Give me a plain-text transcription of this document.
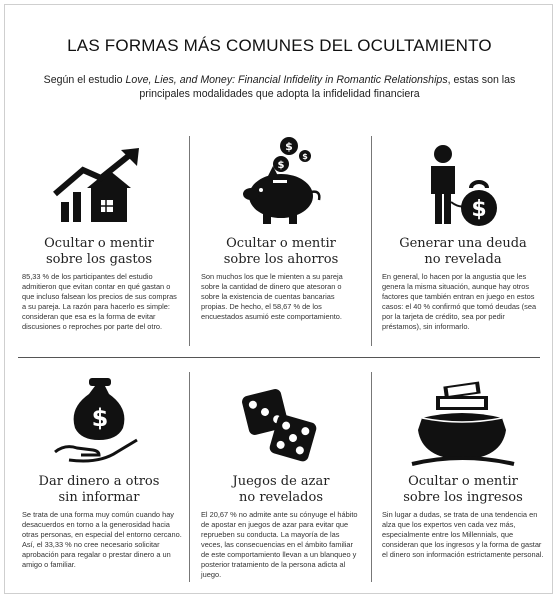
LAS FORMAS MÁS COMUNES DEL OCULTAMIENTO
Según el estudio Love, Lies, and Money: Financial Infidelity in Romantic Relationships, estas son las principales modalidades que adopta la infidelidad financiera
Ocultar o mentir
sobre los gastos
85,33 % de los participantes del estudio admitieron que evitan contar en qué gastan o que incluso falsean los precios de sus compras a su pareja. La razón para hacerlo es simple: consideran que esa es la forma de evitar discusiones o reproches por parte del otro.
$
$
$
Ocultar o mentir
sobre los ahorros
Son muchos los que le mienten a su pareja sobre la cantidad de dinero que atesoran o sobre la existencia de cuentas bancarias propias. De hecho, el 58,67 % de los encuestados asumió este comportamiento.
$
Generar una deuda
no revelada
En general, lo hacen por la angustia que les genera la misma situación, aunque hay otros factores que también entran en juego en estos casos: el 40 % confirmó que tomó deudas (sea por la tarjeta de crédito, sea por pedir préstamos), sin informarlo.
$
Dar dinero a otros
sin informar
Se trata de una forma muy común cuando hay desacuerdos en torno a la generosidad hacia otras personas, en especial del entorno cercano. Así, el 33,33 % no cree necesario solicitar aprobación para regalar o prestar dinero a un amigo o familiar.
Juegos de azar
no revelados
El 20,67 % no admite ante su cónyuge el hábito de apostar en juegos de azar para evitar que reprueben su conducta. La mayoría de las veces, las consecuencias en el ámbito familiar de este comportamiento llevan a un blanqueo y posterior tratamiento de la persona adicta al juego.
Ocultar o mentir
sobre los ingresos
Sin lugar a dudas, se trata de una tendencia en alza que los expertos ven cada vez más, especialmente entre los Millennials, que consideran que los ingresos y la forma de gastar el dinero son información estrictamente personal.
